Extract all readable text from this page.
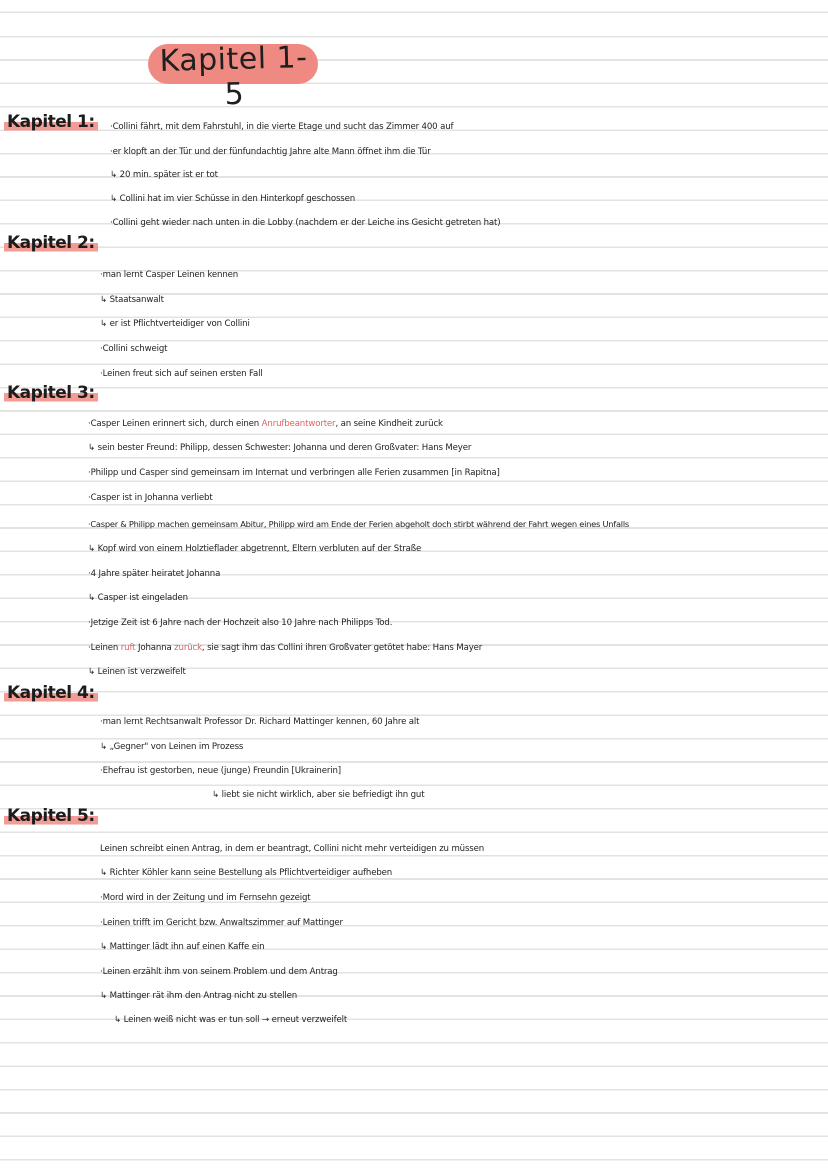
Kapitel 1-5
Kapitel 1:	·Collini fährt, mit dem Fahrstuhl, in die vierte Etage und sucht das Zimmer 400 auf
·er klopft an der Tür und der fünfundachtig Jahre alte Mann öffnet ihm die Tür
↳ 20 min. später ist er tot
↳ Collini hat im vier Schüsse in den Hinterkopf geschossen
·Collini geht wieder nach unten in die Lobby (nachdem er der Leiche ins Gesicht getreten hat)
Kapitel 2:
·man lernt Casper Leinen kennen
↳ Staatsanwalt
↳ er ist Pflichtverteidiger von Collini
·Collini schweigt
·Leinen freut sich auf seinen ersten Fall
Kapitel 3:
·Casper Leinen erinnert sich, durch einen Anrufbeantworter, an seine Kindheit zurück
↳ sein bester Freund: Philipp, dessen Schwester: Johanna und deren Großvater: Hans Meyer
·Philipp und Casper sind gemeinsam im Internat und verbringen alle Ferien zusammen [in Rapitna]
·Casper ist in Johanna verliebt
·Casper & Philipp machen gemeinsam Abitur, Philipp wird am Ende der Ferien abgeholt doch stirbt während der Fahrt wegen eines Unfalls
↳ Kopf wird von einem Holztieflader abgetrennt, Eltern verbluten auf der Straße
·4 Jahre später heiratet Johanna
↳ Casper ist eingeladen
·Jetzige Zeit ist 6 Jahre nach der Hochzeit also 10 Jahre nach Philipps Tod.
·Leinen ruft Johanna zurück, sie sagt ihm das Collini ihren Großvater getötet habe: Hans Mayer
↳ Leinen ist verzweifelt
Kapitel 4:
·man lernt Rechtsanwalt Professor Dr. Richard Mattinger kennen, 60 Jahre alt
↳ „Gegner" von Leinen im Prozess
·Ehefrau ist gestorben, neue (junge) Freundin [Ukrainerin]
↳ liebt sie nicht wirklich, aber sie befriedigt ihn gut
Kapitel 5:
Leinen schreibt einen Antrag, in dem er beantragt, Collini nicht mehr verteidigen zu müssen
↳ Richter Köhler kann seine Bestellung als Pflichtverteidiger aufheben
·Mord wird in der Zeitung und im Fernsehn gezeigt
·Leinen trifft im Gericht bzw. Anwaltszimmer auf Mattinger
↳ Mattinger lädt ihn auf einen Kaffe ein
·Leinen erzählt ihm von seinem Problem und dem Antrag
↳ Mattinger rät ihm den Antrag nicht zu stellen
↳ Leinen weiß nicht was er tun soll → erneut verzweifelt
